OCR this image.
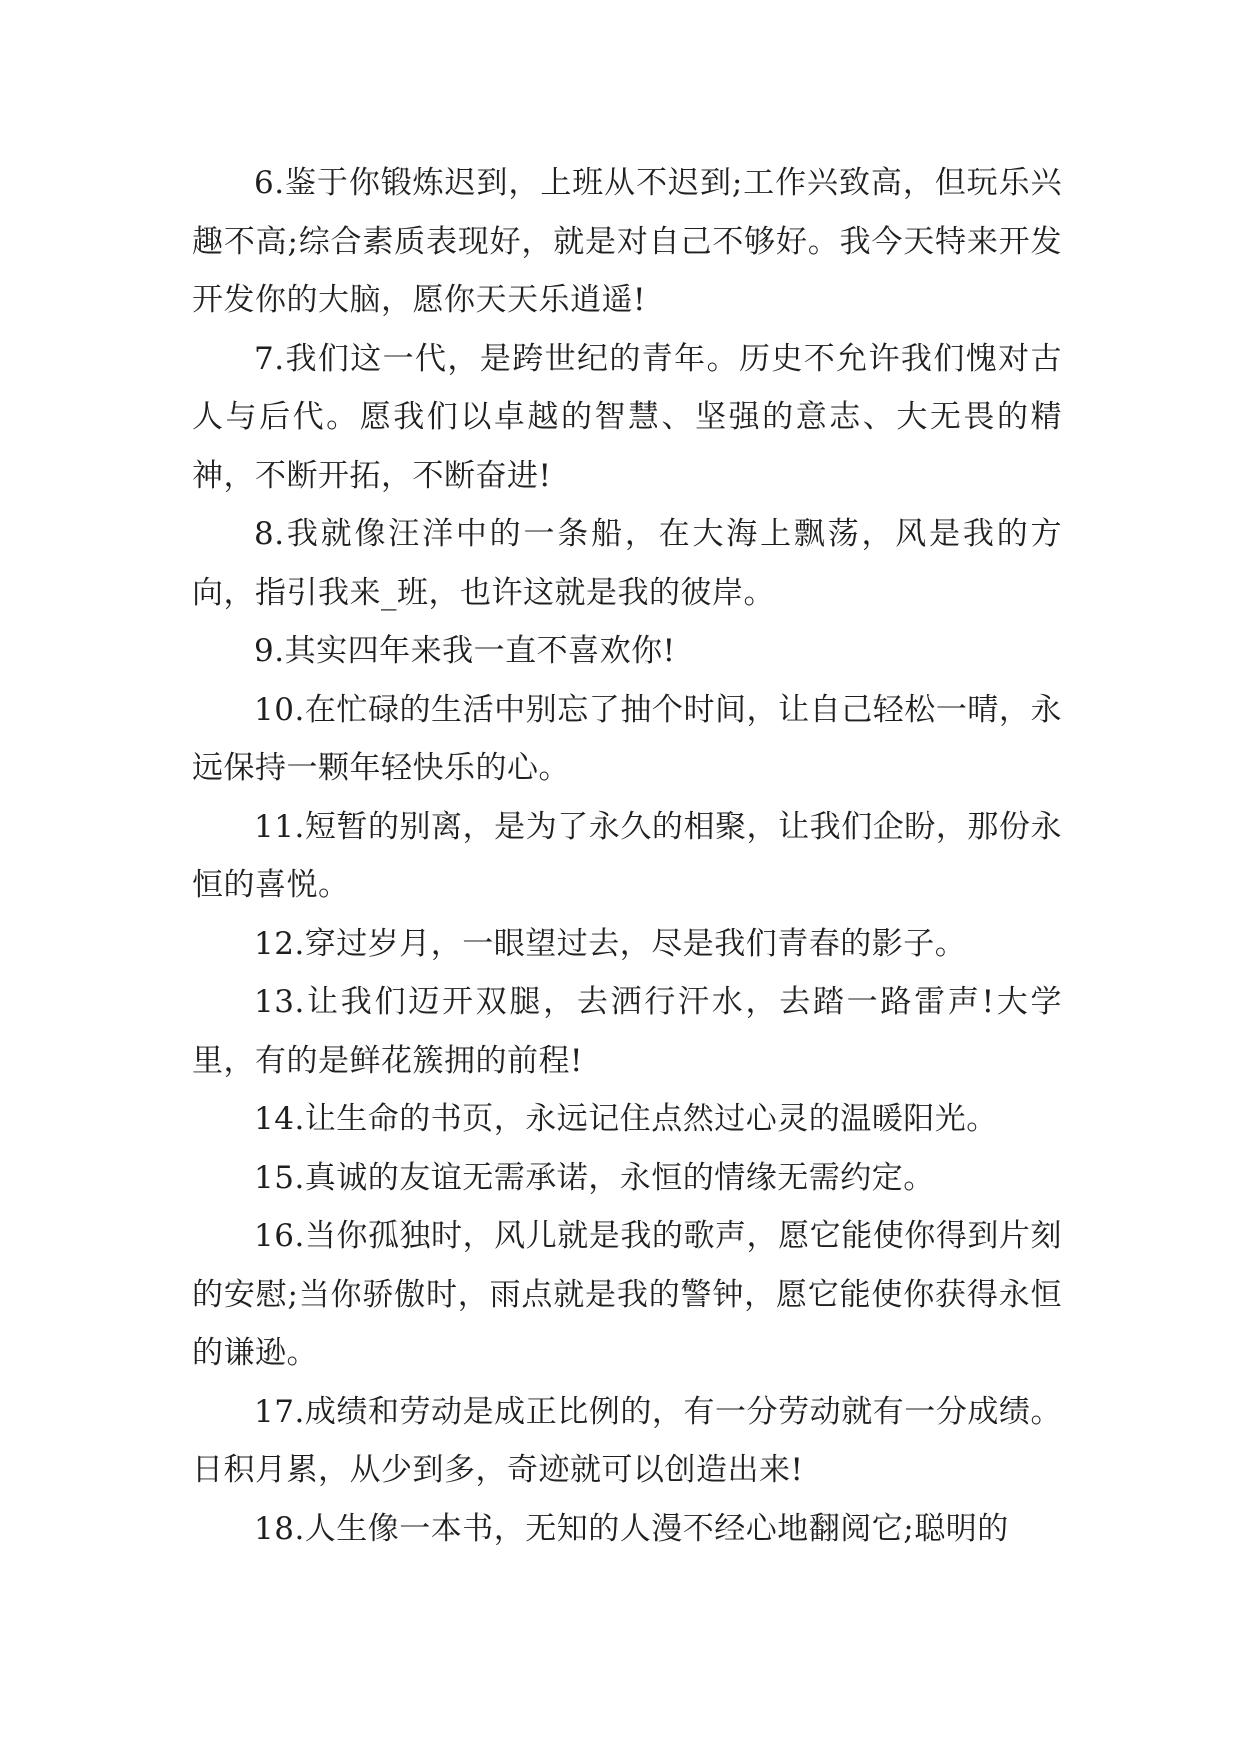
6.鉴于你锻炼迟到，上班从不迟到;工作兴致高，但玩乐兴趣不高;综合素质表现好，就是对自己不够好。我今天特来开发开发你的大脑，愿你天天乐逍遥!

7.我们这一代，是跨世纪的青年。历史不允许我们愧对古人与后代。愿我们以卓越的智慧、坚强的意志、大无畏的精神，不断开拓，不断奋进!

8.我就像汪洋中的一条船，在大海上飘荡，风是我的方向，指引我来_班，也许这就是我的彼岸。

9.其实四年来我一直不喜欢你!

10.在忙碌的生活中别忘了抽个时间，让自己轻松一晴，永远保持一颗年轻快乐的心。

11.短暂的别离，是为了永久的相聚，让我们企盼，那份永恒的喜悦。

12.穿过岁月，一眼望过去，尽是我们青春的影子。

13.让我们迈开双腿，去洒行汗水，去踏一路雷声!大学里，有的是鲜花簇拥的前程!

14.让生命的书页，永远记住点然过心灵的温暖阳光。

15.真诚的友谊无需承诺，永恒的情缘无需约定。

16.当你孤独时，风儿就是我的歌声，愿它能使你得到片刻的安慰;当你骄傲时，雨点就是我的警钟，愿它能使你获得永恒的谦逊。

17.成绩和劳动是成正比例的，有一分劳动就有一分成绩。日积月累，从少到多，奇迹就可以创造出来!

18.人生像一本书，无知的人漫不经心地翻阅它;聪明的
